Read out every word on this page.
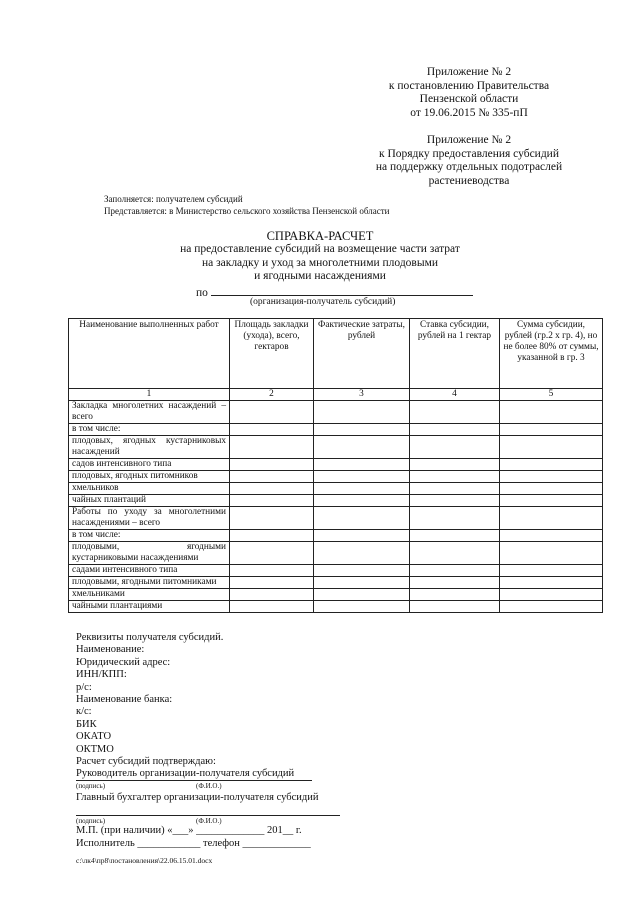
Приложение № 2
к постановлению Правительства
Пензенской области
от 19.06.2015 № 335-пП
Приложение № 2
к Порядку предоставления субсидий
на поддержку отдельных подотраслей
растениеводства
Заполняется: получателем субсидий
Представляется: в Министерство сельского хозяйства Пензенской области
СПРАВКА-РАСЧЕТ
на предоставление субсидий на возмещение части затрат
на закладку и уход за многолетними плодовыми
и ягодными насаждениями
по
(организация-получатель субсидий)
Наименование выполненных работ	Площадь закладки (ухода), всего, гектаров	Фактические затраты, рублей	Ставка субсидии, рублей на 1 гектар	Сумма субсидии, рублей (гр.2 х гр. 4), но не более 80% от суммы, указанной в гр. 3
1	2	3	4	5
Закладка многолетних насаждений – всего				
в том числе:				
плодовых, ягодных кустарниковых насаждений				
садов интенсивного типа				
плодовых, ягодных питомников				
хмельников				
чайных плантаций				
Работы по уходу за многолетними насаждениями – всего				
в том числе:				
плодовыми, ягодными кустарниковыми насаждениями				
садами интенсивного типа				
плодовыми, ягодными питомниками				
хмельниками				
чайными плантациями				
Реквизиты получателя субсидий.
Наименование:
Юридический адрес:
ИНН/КПП:
р/с:
Наименование банка:
к/с:
БИК
ОКАТО
ОКТМО
Расчет субсидий подтверждаю:
Руководитель организации-получателя субсидий
(подпись)	(Ф.И.О.)
Главный бухгалтер организации-получателя субсидий
(подпись)	(Ф.И.О.)
М.П. (при наличии) «___» _____________ 201__ г.
Исполнитель ____________ телефон _____________
c:\лк4\пр8\постановления\22.06.15.01.docx
